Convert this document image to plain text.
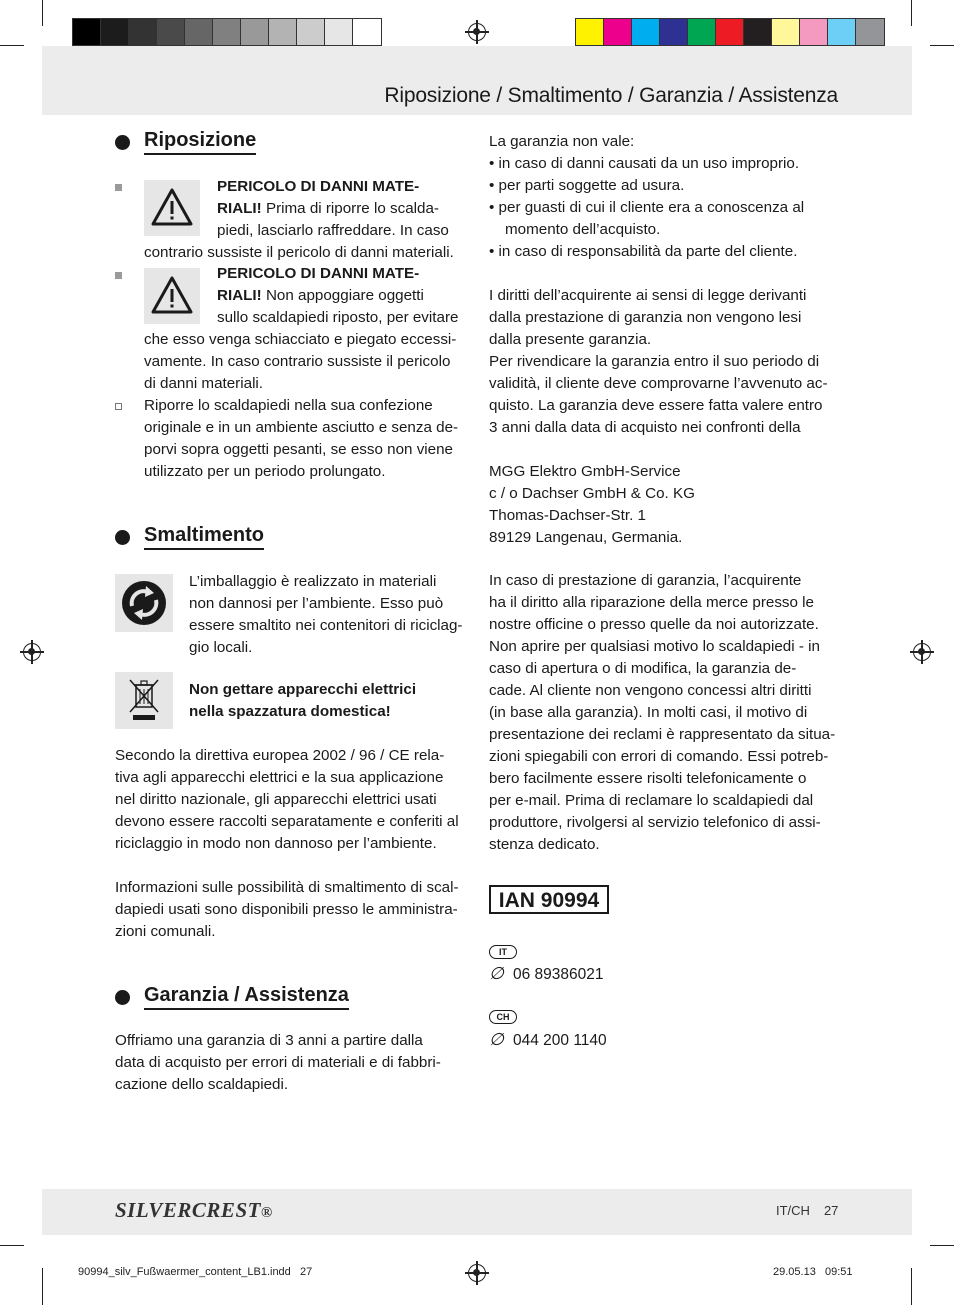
Riposizione / Smaltimento / Garanzia / Assistenza
Riposizione

PERICOLO DI DANNI MATE-

RIALI! Prima di riporre lo scalda-

piedi, lasciarlo raffreddare. In caso

contrario sussiste il pericolo di danni materiali.

PERICOLO DI DANNI MATE-

RIALI! Non appoggiare oggetti

sullo scaldapiedi riposto, per evitare

che esso venga schiacciato e piegato eccessi-

vamente. In caso contrario sussiste il pericolo

di danni materiali.

Riporre lo scaldapiedi nella sua confezione

originale e in un ambiente asciutto e senza de-

porvi sopra oggetti pesanti, se esso non viene

utilizzato per un periodo prolungato.

Smaltimento

L’imballaggio è realizzato in materiali

non dannosi per l’ambiente. Esso può

essere smaltito nei contenitori di riciclag-

gio locali.

Non gettare apparecchi elettrici

nella spazzatura domestica!

Secondo la direttiva europea 2002 / 96 / CE rela-

tiva agli apparecchi elettrici e la sua applicazione

nel diritto nazionale, gli apparecchi elettrici usati

devono essere raccolti separatamente e conferiti al

riciclaggio in modo non dannoso per l’ambiente.

Informazioni sulle possibilità di smaltimento di scal-

dapiedi usati sono disponibili presso le amministra-

zioni comunali.

Garanzia / Assistenza

Offriamo una garanzia di 3 anni a partire dalla

data di acquisto per errori di materiali e di fabbri-

cazione dello scaldapiedi.

La garanzia non vale:

• in caso di danni causati da un uso improprio.

• per parti soggette ad usura.

• per guasti di cui il cliente era a conoscenza al

momento dell’acquisto.

• in caso di responsabilità da parte del cliente.

I diritti dell’acquirente ai sensi di legge derivanti

dalla prestazione di garanzia non vengono lesi

dalla presente garanzia.

Per rivendicare la garanzia entro il suo periodo di

validità, il cliente deve comprovarne l’avvenuto ac-

quisto. La garanzia deve essere fatta valere entro

3 anni dalla data di acquisto nei confronti della

MGG Elektro GmbH-Service

c / o Dachser GmbH & Co. KG

Thomas-Dachser-Str. 1

89129 Langenau, Germania.

In caso di prestazione di garanzia, l’acquirente

ha il diritto alla riparazione della merce presso le

nostre officine o presso quelle da noi autorizzate.

Non aprire per qualsiasi motivo lo scaldapiedi - in

caso di apertura o di modifica, la garanzia de-

cade. Al cliente non vengono concessi altri diritti

(in base alla garanzia). In molti casi, il motivo di

presentazione dei reclami è rappresentato da situa-

zioni spiegabili con errori di comando. Essi potreb-

bero facilmente essere risolti telefonicamente o

per e-mail. Prima di reclamare lo scaldapiedi dal

produttore, rivolgersi al servizio telefonico di assi-

stenza dedicato.

IAN 90994
IT
∅ 06 89386021
CH
∅ 044 200 1140
SILVERCREST®	IT/CH 27
90994_silv_Fußwaermer_content_LB1.indd   27	29.05.13   09:51
